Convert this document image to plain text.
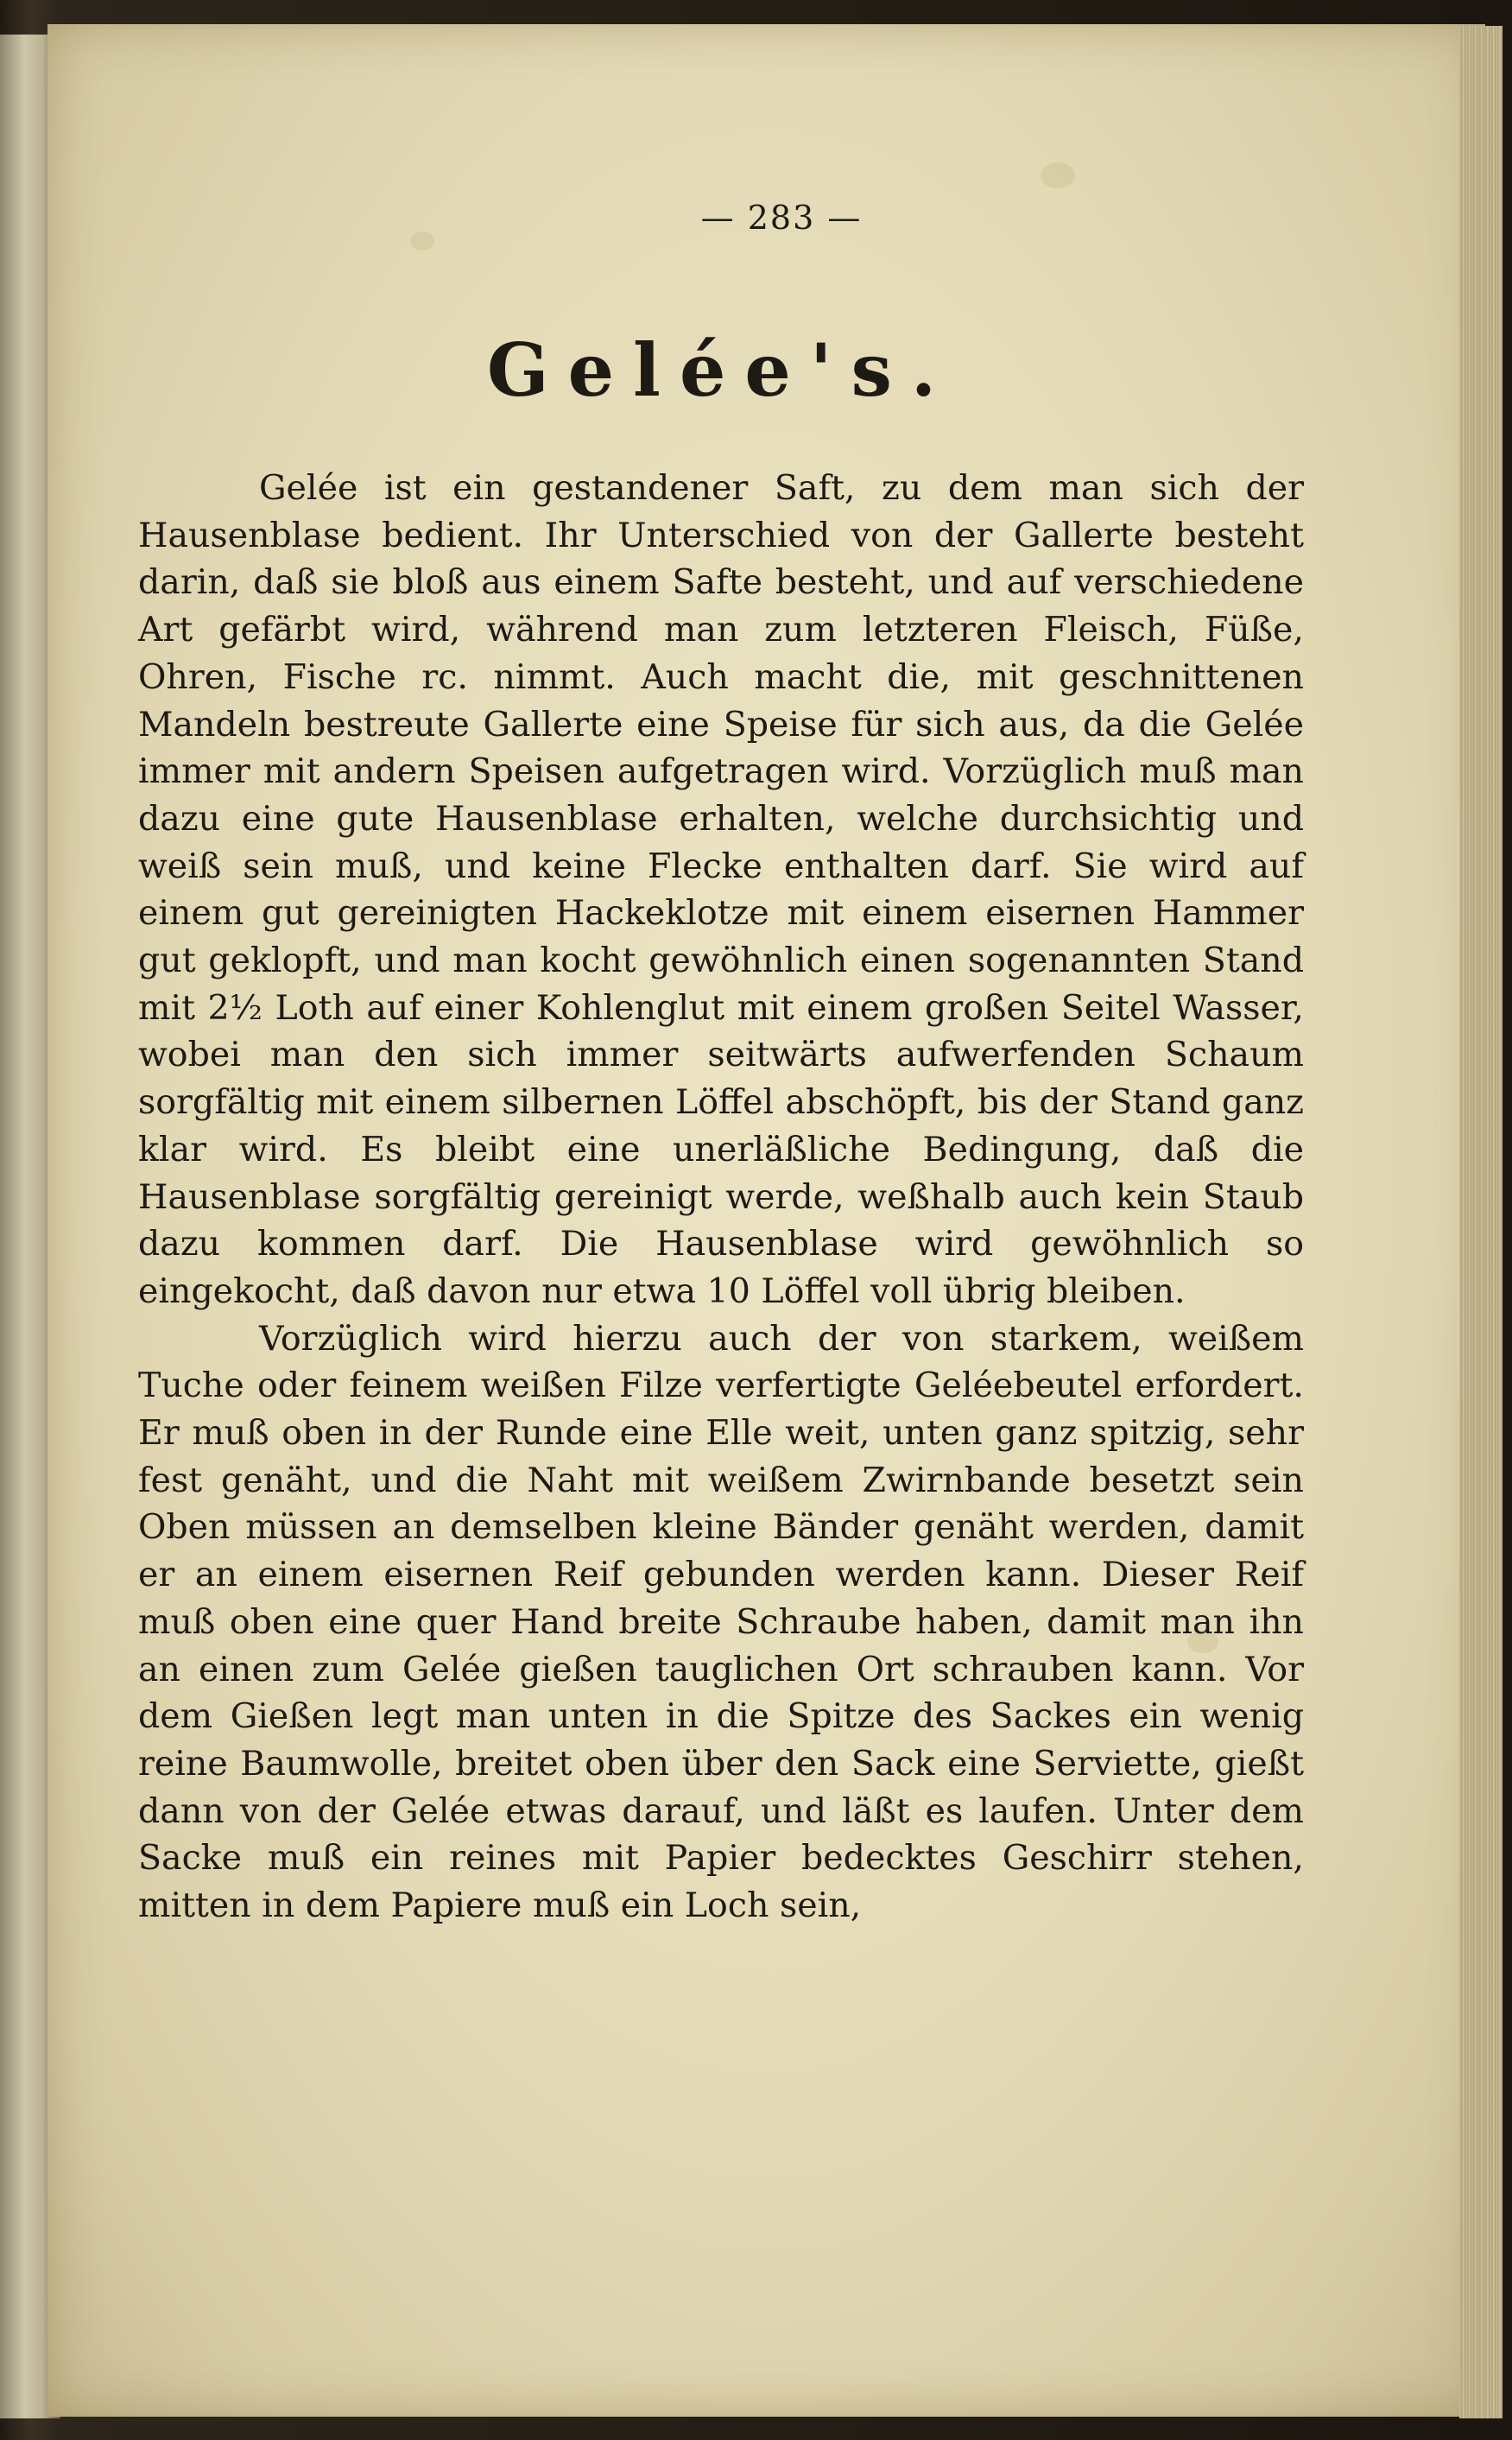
— 283 —
Gelée's.

Gelée ist ein gestandener Saft, zu dem man sich der Hausenblase bedient. Ihr Unterschied von der Gallerte besteht darin, daß sie bloß aus einem Safte besteht, und auf verschiedene Art gefärbt wird, während man zum letzteren Fleisch, Füße, Ohren, Fische rc. nimmt. Auch macht die, mit geschnittenen Mandeln bestreute Gallerte eine Speise für sich aus, da die Gelée immer mit andern Speisen aufgetragen wird. Vorzüglich muß man dazu eine gute Hausenblase erhalten, welche durchsichtig und weiß sein muß, und keine Flecke enthalten darf. Sie wird auf einem gut gereinigten Hackeklotze mit einem eisernen Hammer gut geklopft, und man kocht gewöhnlich einen sogenannten Stand mit 2½ Loth auf einer Kohlenglut mit einem großen Seitel Wasser, wobei man den sich immer seitwärts aufwerfenden Schaum sorgfältig mit einem silbernen Löffel abschöpft, bis der Stand ganz klar wird. Es bleibt eine unerläßliche Bedingung, daß die Hausenblase sorgfältig gereinigt werde, weßhalb auch kein Staub dazu kommen darf. Die Hausenblase wird gewöhnlich so eingekocht, daß davon nur etwa 10 Löffel voll übrig bleiben.

Vorzüglich wird hierzu auch der von starkem, weißem Tuche oder feinem weißen Filze verfertigte Geléebeutel erfordert. Er muß oben in der Runde eine Elle weit, unten ganz spitzig, sehr fest genäht, und die Naht mit weißem Zwirnbande besetzt sein Oben müssen an demselben kleine Bänder genäht werden, damit er an einem eisernen Reif gebunden werden kann. Dieser Reif muß oben eine quer Hand breite Schraube haben, damit man ihn an einen zum Gelée gießen tauglichen Ort schrauben kann. Vor dem Gießen legt man unten in die Spitze des Sackes ein wenig reine Baumwolle, breitet oben über den Sack eine Serviette, gießt dann von der Gelée etwas darauf, und läßt es laufen. Unter dem Sacke muß ein reines mit Papier bedecktes Geschirr stehen, mitten in dem Papiere muß ein Loch sein,
